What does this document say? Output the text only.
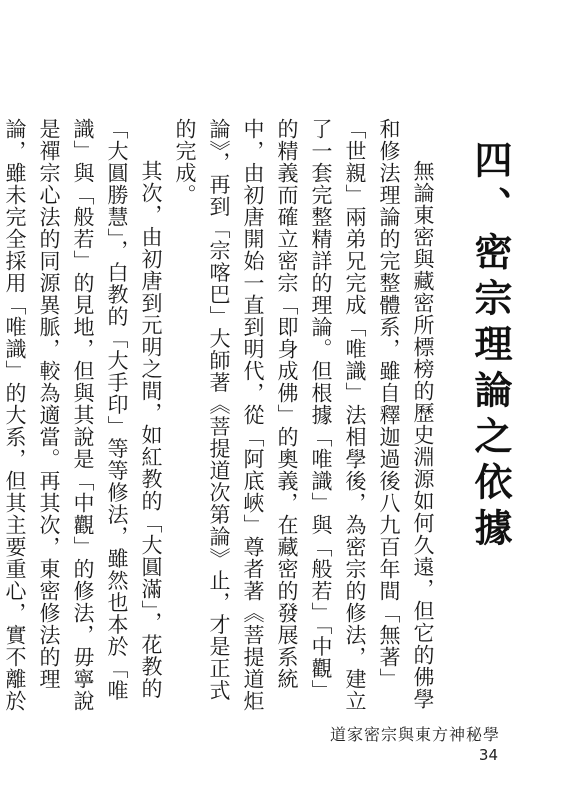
四、密宗理論之依據

無論東密與藏密所標榜的歷史淵源如何久遠，但它的佛學和修法理論的完整體系，雖自釋迦過後八九百年間「無著」「世親」兩弟兄完成「唯識」法相學後，為密宗的修法，建立了一套完整精詳的理論。但根據「唯識」與「般若」「中觀」的精義而確立密宗「即身成佛」的奧義，在藏密的發展系統中，由初唐開始一直到明代，從「阿底峽」尊者著《菩提道炬論》，再到「宗喀巴」大師著《菩提道次第論》止，才是正式的完成。

其次，由初唐到元明之間，如紅教的「大圓滿」，花教的「大圓勝慧」，白教的「大手印」等等修法，雖然也本於「唯識」與「般若」的見地，但與其說是「中觀」的修法，毋寧說是禪宗心法的同源異脈，較為適當。再其次，東密修法的理論，雖未完全採用「唯識」的大系，但其主要重心，實不離於

道家密宗與東方神秘學
34
